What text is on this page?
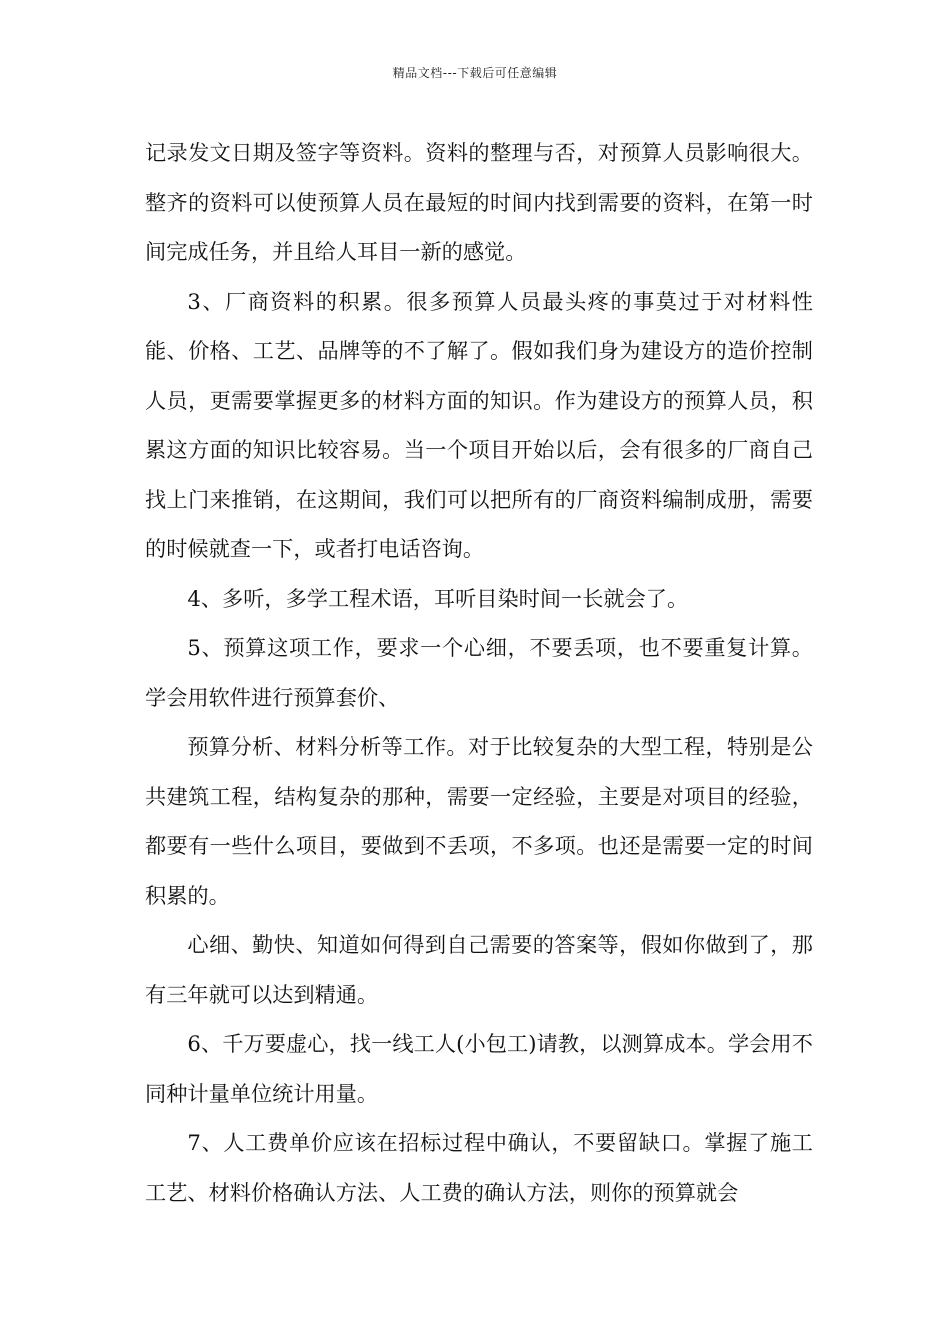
精品文档---下载后可任意编辑

记录发文日期及签字等资料。资料的整理与否，对预算人员影响很大。整齐的资料可以使预算人员在最短的时间内找到需要的资料，在第一时间完成任务，并且给人耳目一新的感觉。

3、厂商资料的积累。很多预算人员最头疼的事莫过于对材料性能、价格、工艺、品牌等的不了解了。假如我们身为建设方的造价控制人员，更需要掌握更多的材料方面的知识。作为建设方的预算人员，积累这方面的知识比较容易。当一个项目开始以后，会有很多的厂商自己找上门来推销，在这期间，我们可以把所有的厂商资料编制成册，需要的时候就查一下，或者打电话咨询。

4、多听，多学工程术语，耳听目染时间一长就会了。

5、预算这项工作，要求一个心细，不要丢项，也不要重复计算。学会用软件进行预算套价、

预算分析、材料分析等工作。对于比较复杂的大型工程，特别是公共建筑工程，结构复杂的那种，需要一定经验，主要是对项目的经验，都要有一些什么项目，要做到不丢项，不多项。也还是需要一定的时间积累的。

心细、勤快、知道如何得到自己需要的答案等，假如你做到了，那有三年就可以达到精通。

6、千万要虚心，找一线工人(小包工)请教，以测算成本。学会用不同种计量单位统计用量。

7、人工费单价应该在招标过程中确认，不要留缺口。掌握了施工工艺、材料价格确认方法、人工费的确认方法，则你的预算就会
